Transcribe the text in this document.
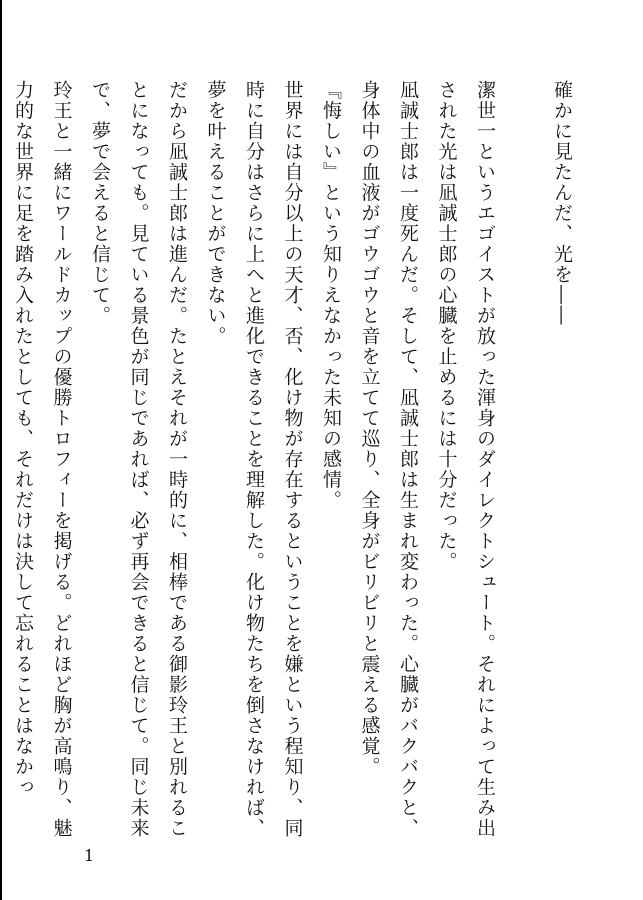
確かに見たんだ、光を――

潔世一というエゴイストが放った渾身のダイレクトシュート。それによって生み出された光は凪誠士郎の心臓を止めるには十分だった。
凪誠士郎は一度死んだ。そして、凪誠士郎は生まれ変わった。心臓がバクバクと、身体中の血液がゴウゴウと音を立てて巡り、全身がビリビリと震える感覚。
『悔しい』という知りえなかった未知の感情。
世界には自分以上の天才、否、化け物が存在するということを嫌という程知り、同時に自分はさらに上へと進化できることを理解した。化け物たちを倒さなければ、夢を叶えることができない。
だから凪誠士郎は進んだ。たとえそれが一時的に、相棒である御影玲王と別れることになっても。見ている景色が同じであれば、必ず再会できると信じて。同じ未来で、夢で会えると信じて。
玲王と一緒にワールドカップの優勝トロフィーを掲げる。どれほど胸が高鳴り、魅力的な世界に足を踏み入れたとしても、それだけは決して忘れることはなかっ
1
